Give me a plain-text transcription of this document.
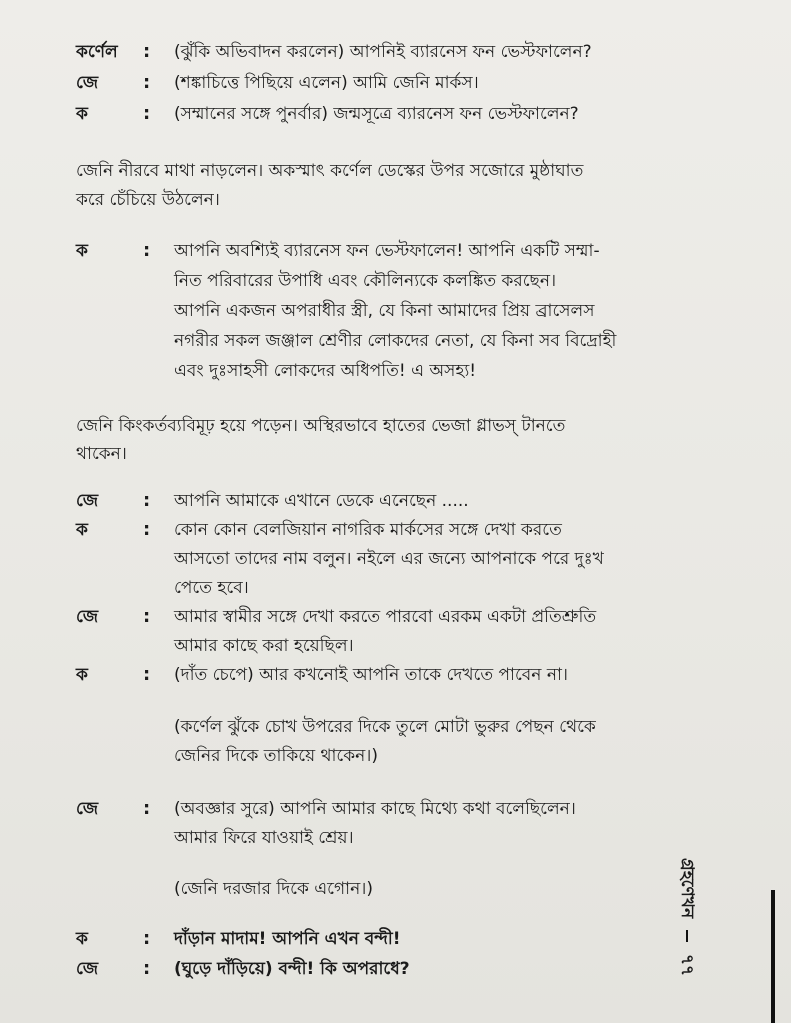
কর্ণেল : (ঝুঁকি অভিবাদন করলেন) আপনিই ব্যারনেস ফন ভেস্টফালেন?
জে : (শঙ্কাচিত্তে পিছিয়ে এলেন) আমি জেনি মার্কস।
ক	: (সম্মানের সঙ্গে পুনর্বার) জন্মসূত্রে ব্যারনেস ফন ভেস্টফালেন?
জেনি নীরবে মাথা নাড়লেন। অকস্মাৎ কর্ণেল ডেস্কের উপর সজোরে মুষ্ঠাঘাত
করে চেঁচিয়ে উঠলেন।
ক	: আপনি অবশ্যিই ব্যারনেস ফন ভেস্টফালেন! আপনি একটি সম্মা-
নিত পরিবারের উপাধি এবং কৌলিন্যকে কলঙ্কিত করছেন।
আপনি একজন অপরাধীর স্ত্রী, যে কিনা আমাদের প্রিয় ব্রাসেলস
নগরীর সকল জঞ্জাল শ্রেণীর লোকদের নেতা, যে কিনা সব বিদ্রোহী
এবং দুঃসাহসী লোকদের অধিপতি! এ অসহ্য!
জেনি কিংকর্তব্যবিমূঢ় হয়ে পড়েন। অস্থিরভাবে হাতের ভেজা গ্লাভস্ টানতে
থাকেন।
জে : আপনি আমাকে এখানে ডেকে এনেছেন .....
ক	: কোন কোন বেলজিয়ান নাগরিক মার্কসের সঙ্গে দেখা করতে
আসতো তাদের নাম বলুন। নইলে এর জন্যে আপনাকে পরে দুঃখ
পেতে হবে।
জে : আমার স্বামীর সঙ্গে দেখা করতে পারবো এরকম একটা প্রতিশ্রুতি
আমার কাছে করা হয়েছিল।
ক	: (দাঁত চেপে) আর কখনোই আপনি তাকে দেখতে পাবেন না।
(কর্ণেল ঝুঁকে চোখ উপরের দিকে তুলে মোটা ভুরুর পেছন থেকে
জেনির দিকে তাকিয়ে থাকেন।)
জে : (অবজ্ঞার সুরে) আপনি আমার কাছে মিথ্যে কথা বলেছিলেন।
আমার ফিরে যাওয়াই শ্রেয়।
(জেনি দরজার দিকে এগোন।)
ক	: দাঁড়ান মাদাম! আপনি এখন বন্দী!
জে : (ঘুড়ে দাঁড়িয়ে) বন্দী! কি অপরাধে?
গ্রহণেখন  ৭৭
